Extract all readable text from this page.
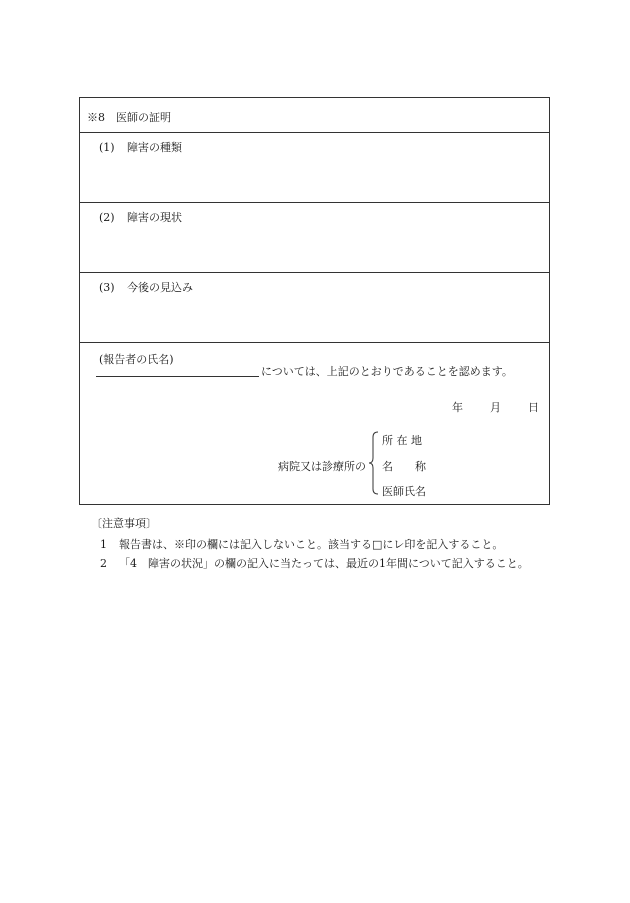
※8　医師の証明
(1) 障害の種類
(2) 障害の現状
(3) 今後の見込み
(報告者の氏名)
については、上記のとおりであることを認めます。
年 月 日
病院又は診療所の
所 在 地
名　　称
医師氏名
〔注意事項〕
1 報告書は、※印の欄には記入しないこと。該当する□にレ印を記入すること。
2 「4　障害の状況」の欄の記入に当たっては、最近の1年間について記入すること。
